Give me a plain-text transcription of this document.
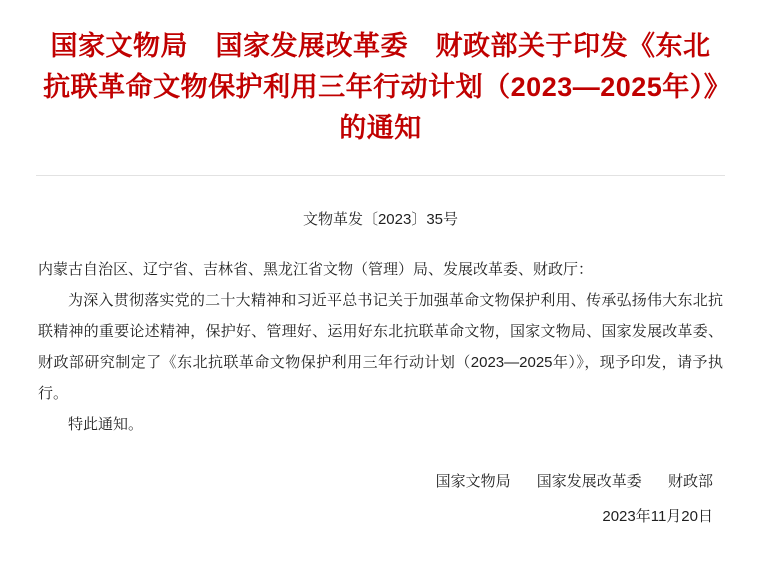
国家文物局　国家发展改革委　财政部关于印发《东北抗联革命文物保护利用三年行动计划（2023—2025年）》的通知

文物革发〔2023〕35号

内蒙古自治区、辽宁省、吉林省、黑龙江省文物（管理）局、发展改革委、财政厅：

为深入贯彻落实党的二十大精神和习近平总书记关于加强革命文物保护利用、传承弘扬伟大东北抗联精神的重要论述精神，保护好、管理好、运用好东北抗联革命文物，国家文物局、国家发展改革委、财政部研究制定了《东北抗联革命文物保护利用三年行动计划（2023—2025年）》，现予印发，请予执行。

特此通知。

国家文物局 国家发展改革委 财政部
2023年11月20日
